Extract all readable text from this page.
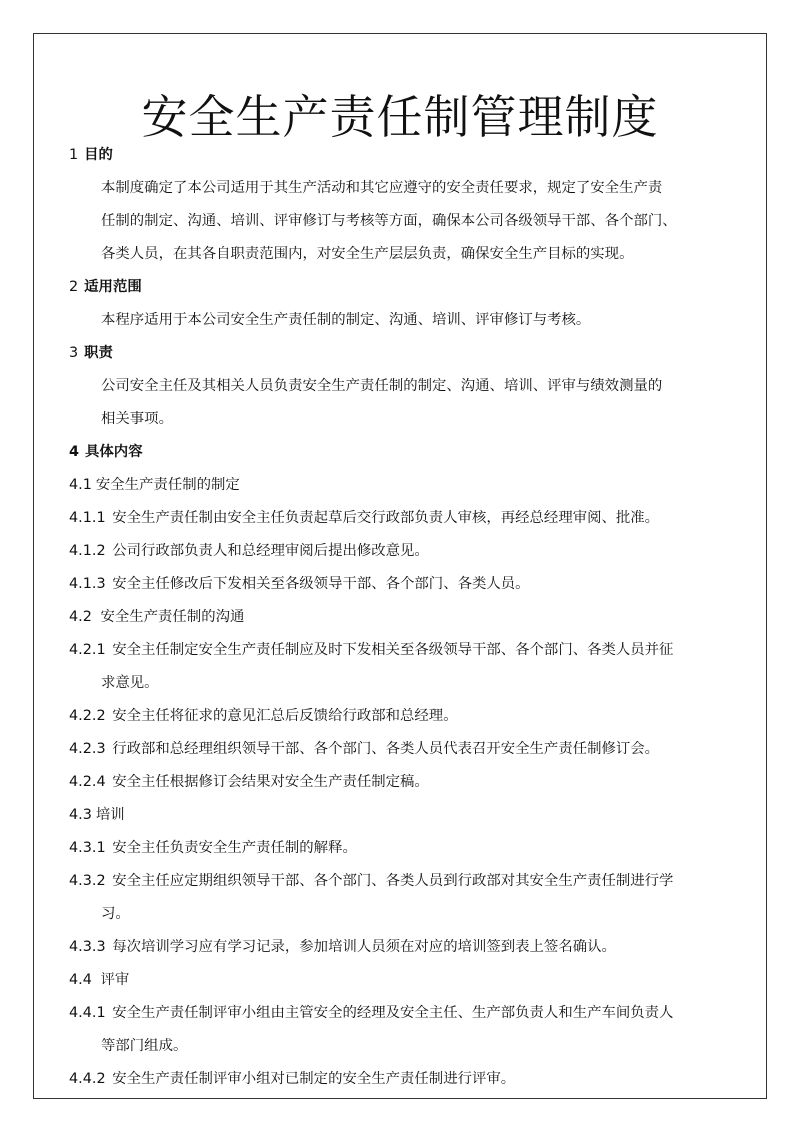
安全生产责任制管理制度

1 目的

本制度确定了本公司适用于其生产活动和其它应遵守的安全责任要求，规定了安全生产责

任制的制定、沟通、培训、评审修订与考核等方面，确保本公司各级领导干部、各个部门、

各类人员，在其各自职责范围内，对安全生产层层负责，确保安全生产目标的实现。

2 适用范围

本程序适用于本公司安全生产责任制的制定、沟通、培训、评审修订与考核。

3 职责

公司安全主任及其相关人员负责安全生产责任制的制定、沟通、培训、评审与绩效测量的

相关事项。

4 具体内容

4.1 安全生产责任制的制定

4.1.1 安全生产责任制由安全主任负责起草后交行政部负责人审核，再经总经理审阅、批准。

4.1.2 公司行政部负责人和总经理审阅后提出修改意见。

4.1.3 安全主任修改后下发相关至各级领导干部、各个部门、各类人员。

4.2 安全生产责任制的沟通

4.2.1 安全主任制定安全生产责任制应及时下发相关至各级领导干部、各个部门、各类人员并征

求意见。

4.2.2 安全主任将征求的意见汇总后反馈给行政部和总经理。

4.2.3 行政部和总经理组织领导干部、各个部门、各类人员代表召开安全生产责任制修订会。

4.2.4 安全主任根据修订会结果对安全生产责任制定稿。

4.3 培训

4.3.1 安全主任负责安全生产责任制的解释。

4.3.2 安全主任应定期组织领导干部、各个部门、各类人员到行政部对其安全生产责任制进行学

习。

4.3.3 每次培训学习应有学习记录，参加培训人员须在对应的培训签到表上签名确认。

4.4 评审

4.4.1 安全生产责任制评审小组由主管安全的经理及安全主任、生产部负责人和生产车间负责人

等部门组成。

4.4.2 安全生产责任制评审小组对已制定的安全生产责任制进行评审。
